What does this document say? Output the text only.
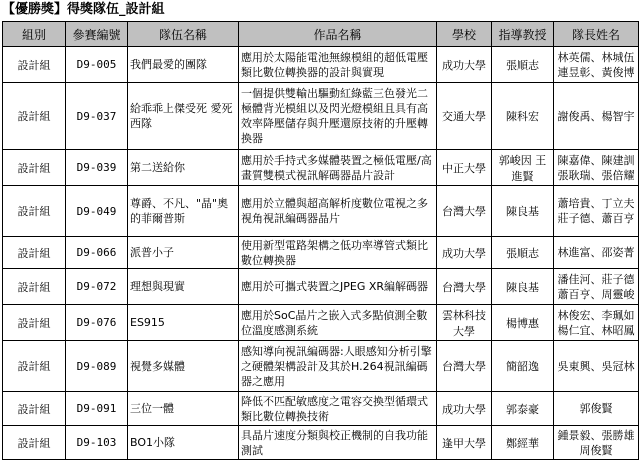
【優勝獎】得獎隊伍_設計組
組別	參賽編號	隊伍名稱	作品名稱	學校	指導教授	隊長姓名
設計組	D9-005	我們最愛的團隊	應用於太陽能電池無線模組的超低電壓類比數位轉換器的設計與實現	成功大學	張順志	林英儒、林城伍 連昱彰、黃俊博
設計組	D9-037	給乖乖上傑受死 愛死西隊	一個提供雙輸出驅動紅綠藍三色發光二極體背光模組以及閃光燈模組且具有高效率降壓儲存與升壓還原技術的升壓轉換器	交通大學	陳科宏	謝俊禹、楊智宇
設計組	D9-039	第二送給你	應用於手持式多媒體裝置之極低電壓/高畫質雙模式視訊解碼器晶片設計	中正大學	郭峻因 王進賢	陳嘉偉、陳建訓 張耿瑞、張倍耀
設計組	D9-049	尊爵、不凡、"晶"奧的菲爾普斯	應用於立體與超高解析度數位電視之多視角視訊編碼器晶片	台灣大學	陳良基	蕭培貴、丁立夫 莊子德、蕭百亨
設計組	D9-066	派普小子	使用新型電路架構之低功率導管式類比數位轉換器	成功大學	張順志	林進富、邵姿菁
設計組	D9-072	理想與現實	應用於可攜式裝置之JPEG XR編解碼器	台灣大學	陳良基	潘佳河、莊子德 蕭百亨、周靈峻
設計組	D9-076	ES915	應用於SoC晶片之嵌入式多點偵測全數位溫度感測系統	雲林科技大學	楊博惠	林俊宏、李珮如 楊仁宜、林昭鳳
設計組	D9-089	視覺多媒體	感知導向視訊編碼器:人眼感知分析引擎之硬體架構設計及其於H.264視訊編碼器之應用	台灣大學	簡韶逸	吳東興、吳冠林
設計組	D9-091	三位一體	降低不匹配敏感度之電容交換型循環式類比數位轉換技術	成功大學	郭泰豪	郭俊賢
設計組	D9-103	BO1小隊	具晶片速度分類與校正機制的自我功能測試	逢甲大學	鄭經華	鍾景毅、張勝雄 周俊賢
